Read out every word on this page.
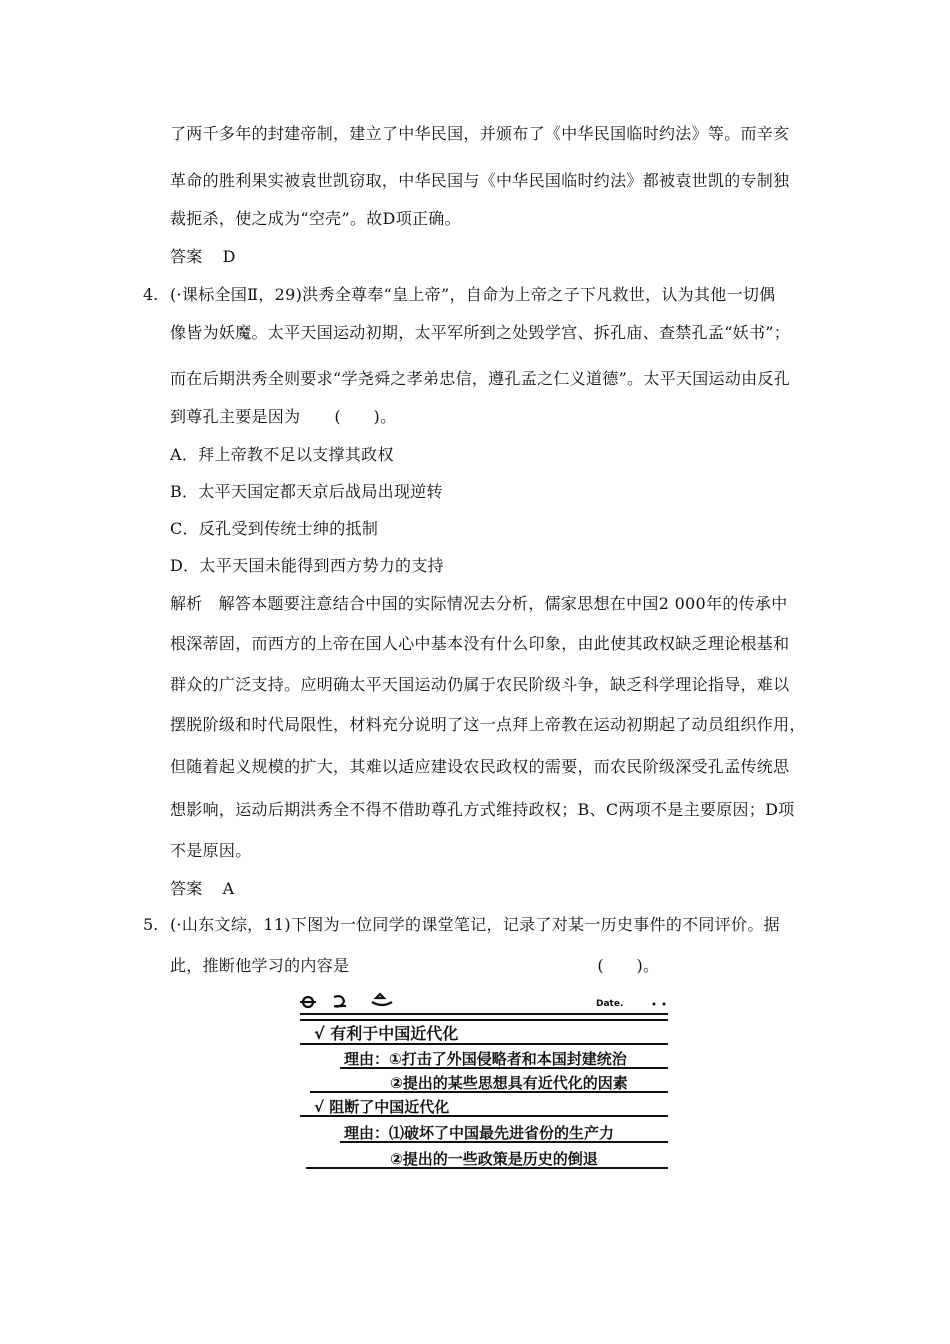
了两千多年的封建帝制，建立了中华民国，并颁布了《中华民国临时约法》等。而辛亥
革命的胜利果实被袁世凯窃取，中华民国与《中华民国临时约法》都被袁世凯的专制独
裁扼杀，使之成为“空壳”。故D项正确。
答案 D
4. (·课标全国Ⅱ，29)洪秀全尊奉“皇上帝”，自命为上帝之子下凡救世，认为其他一切偶
像皆为妖魔。太平天国运动初期，太平军所到之处毁学宫、拆孔庙、查禁孔孟“妖书”；
而在后期洪秀全则要求“学尧舜之孝弟忠信，遵孔孟之仁义道德”。太平天国运动由反孔
到尊孔主要是因为 (　　)。
A．拜上帝教不足以支撑其政权
B．太平天国定都天京后战局出现逆转
C．反孔受到传统士绅的抵制
D．太平天国未能得到西方势力的支持
解析 解答本题要注意结合中国的实际情况去分析，儒家思想在中国2 000年的传承中
根深蒂固，而西方的上帝在国人心中基本没有什么印象，由此使其政权缺乏理论根基和
群众的广泛支持。应明确太平天国运动仍属于农民阶级斗争，缺乏科学理论指导，难以
摆脱阶级和时代局限性，材料充分说明了这一点拜上帝教在运动初期起了动员组织作用，
但随着起义规模的扩大，其难以适应建设农民政权的需要，而农民阶级深受孔孟传统思
想影响，运动后期洪秀全不得不借助尊孔方式维持政权；B、C两项不是主要原因；D项
不是原因。
答案 A
5. (·山东文综，11)下图为一位同学的课堂笔记，记录了对某一历史事件的不同评价。据
此，推断他学习的内容是	(　　)。
Date.
√ 有利于中国近代化
理由：①打击了外国侵略者和本国封建统治
②提出的某些思想具有近代化的因素
√ 阻断了中国近代化
理由：⑴破坏了中国最先进省份的生产力
②提出的一些政策是历史的倒退
